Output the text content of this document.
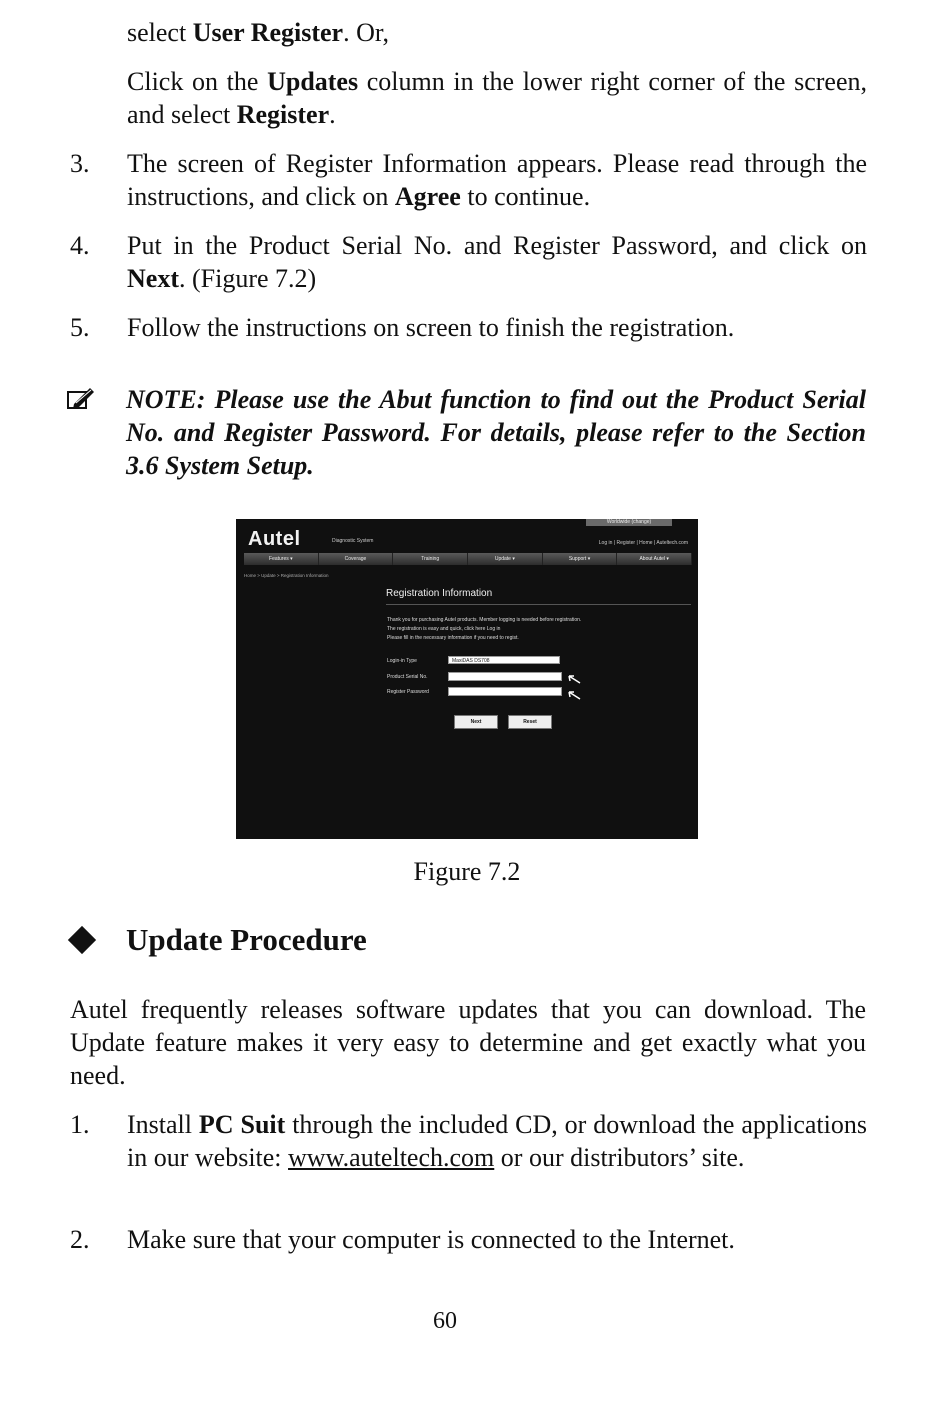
select User Register. Or,
Click on the Updates column in the lower right corner of the screen, and select Register.
3. The screen of Register Information appears. Please read through the instructions, and click on Agree to continue.
4. Put in the Product Serial No. and Register Password, and click on Next. (Figure 7.2)
5. Follow the instructions on screen to finish the registration.
NOTE: Please use the Abut function to find out the Product Serial No. and Register Password. For details, please refer to the Section 3.6 System Setup.
Worldwide (change)
Autel	Diagnostic System	Log in | Register | Home | Auteltech.com
Features ▾	Coverage	Training	Update ▾	Support ▾	About Autel ▾
Home > Update > Registration Information
Registration Information
Thank you for purchasing Autel products. Member logging is needed before registration.
The registration is easy and quick, click here Log in
Please fill in the necessary information if you need to regist.
Login-in Type	MaxiDAS DS708
Product Serial No.
Register Password
Next	Reset
Figure 7.2
Update Procedure
Autel frequently releases software updates that you can download. The Update feature makes it very easy to determine and get exactly what you need.
1. Install PC Suit through the included CD, or download the applications in our website: www.auteltech.com or our distributors’ site.
2. Make sure that your computer is connected to the Internet.
60
